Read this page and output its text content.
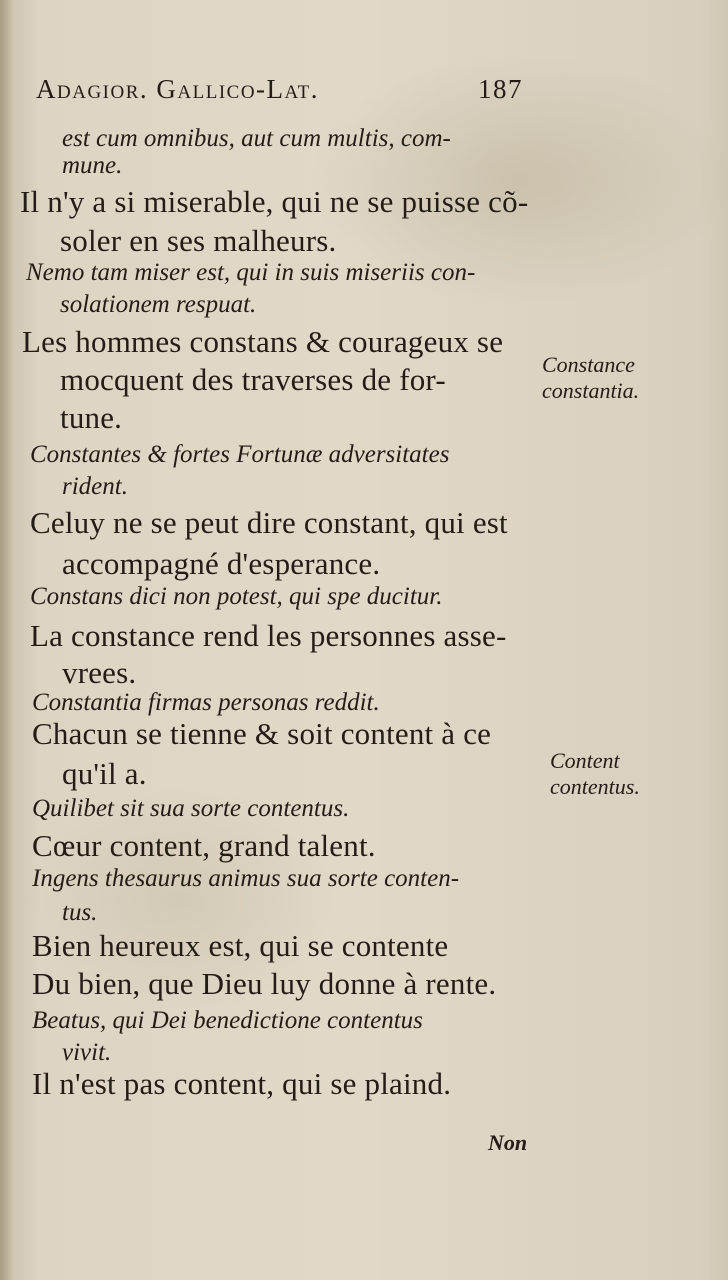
Adagior. Gallico-Lat.	187
est cum omnibus, aut cum multis, com-
mune.
Il n'y a si miserable, qui ne se puisse cõ-
soler en ses malheurs.
Nemo tam miser est, qui in suis miseriis con-
solationem respuat.
Les hommes constans & courageux se
mocquent des traverses de for-
tune.
Constantes & fortes Fortunæ adversitates
rident.
Celuy ne se peut dire constant, qui est
accompagné d'esperance.
Constans dici non potest, qui spe ducitur.
La constance rend les personnes asse-
vrees.
Constantia firmas personas reddit.
Chacun se tienne & soit content à ce
qu'il a.
Quilibet sit sua sorte contentus.
Cœur content, grand talent.
Ingens thesaurus animus sua sorte conten-
tus.
Bien heureux est, qui se contente
Du bien, que Dieu luy donne à rente.
Beatus, qui Dei benedictione contentus
vivit.
Il n'est pas content, qui se plaind.
Constance
constantia.
Content
contentus.
Non
